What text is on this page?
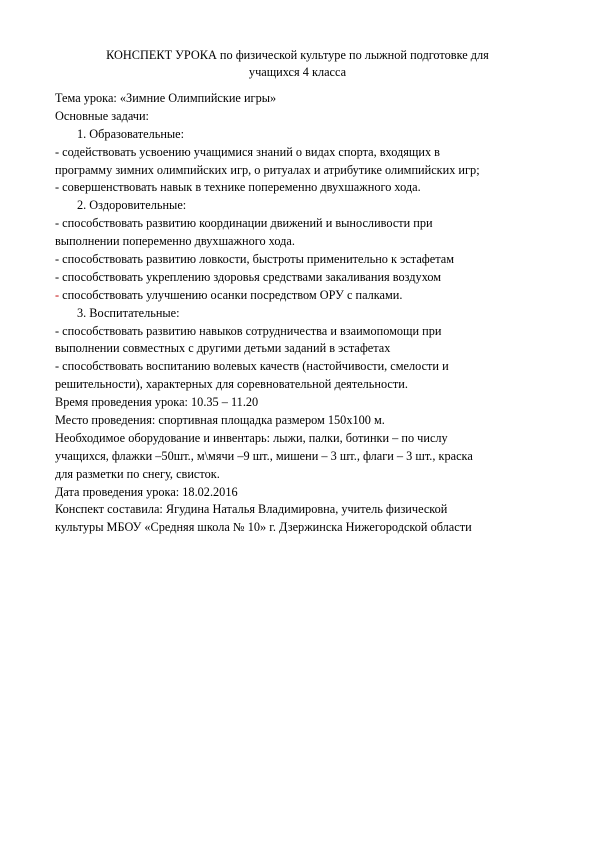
КОНСПЕКТ УРОКА по физической культуре по лыжной подготовке для
учащихся 4 класса
Тема урока: «Зимние Олимпийские игры»
Основные задачи:
1. Образовательные:
- содействовать усвоению учащимися знаний о видах спорта, входящих в
программу зимних олимпийских игр, о ритуалах и атрибутике олимпийских игр;
- совершенствовать навык в технике попеременно двухшажного хода.
2. Оздоровительные:
- способствовать развитию координации движений и выносливости при
выполнении попеременно двухшажного хода.
- способствовать развитию ловкости, быстроты применительно к эстафетам
- способствовать укреплению здоровья средствами закаливания воздухом
- способствовать улучшению осанки посредством ОРУ с палками.
3. Воспитательные:
- способствовать развитию навыков сотрудничества и взаимопомощи при
выполнении совместных с другими детьми заданий в эстафетах
- способствовать воспитанию волевых качеств (настойчивости, смелости и
решительности), характерных для соревновательной деятельности.
Время проведения урока: 10.35 – 11.20
Место проведения: спортивная площадка размером 150х100 м.
Необходимое оборудование и инвентарь: лыжи, палки, ботинки – по числу
учащихся, флажки –50шт., м\мячи –9 шт., мишени – 3 шт., флаги – 3 шт., краска
для разметки по снегу, свисток.
Дата проведения урока: 18.02.2016
Конспект составила: Ягудина Наталья Владимировна, учитель физической
культуры МБОУ «Средняя школа № 10» г. Дзержинска Нижегородской области
